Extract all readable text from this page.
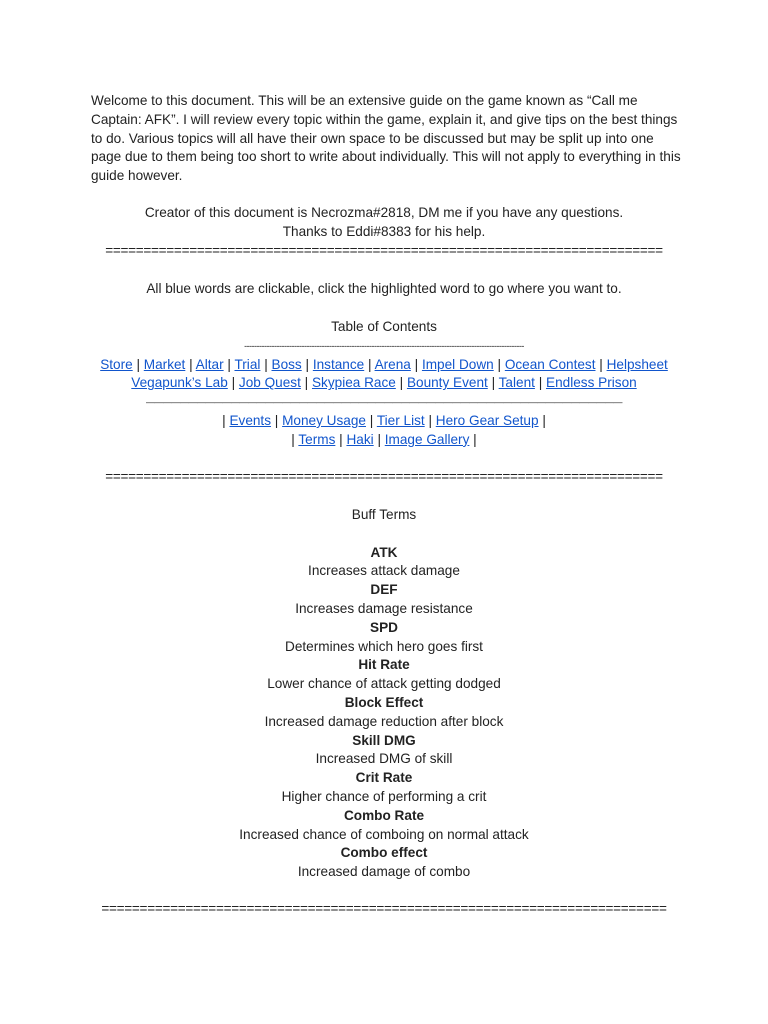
Welcome to this document. This will be an extensive guide on the game known as “Call me Captain: AFK”. I will review every topic within the game, explain it, and give tips on the best things to do. Various topics will all have their own space to be discussed but may be split up into one page due to them being too short to write about individually. This will not apply to everything in this guide however.

Creator of this document is Necrozma#2818, DM me if you have any questions.
Thanks to Eddi#8383 for his help.
=========================================================================
All blue words are clickable, click the highlighted word to go where you want to.
Table of Contents
----------------------------------------------------------------------------------------------------------------
Store | Market | Altar | Trial | Boss | Instance | Arena | Impel Down | Ocean Contest | Helpsheet
Vegapunk’s Lab | Job Quest | Skypiea Race | Bounty Event | Talent | Endless Prison
————————————————————————————————————————————————————————
| Events | Money Usage | Tier List | Hero Gear Setup |
| Terms | Haki | Image Gallery |
=========================================================================
Buff Terms

ATK
Increases attack damage
DEF
Increases damage resistance
SPD
Determines which hero goes first
Hit Rate
Lower chance of attack getting dodged
Block Effect
Increased damage reduction after block
Skill DMG
Increased DMG of skill
Crit Rate
Higher chance of performing a crit
Combo Rate
Increased chance of comboing on normal attack
Combo effect
Increased damage of combo
==========================================================================
